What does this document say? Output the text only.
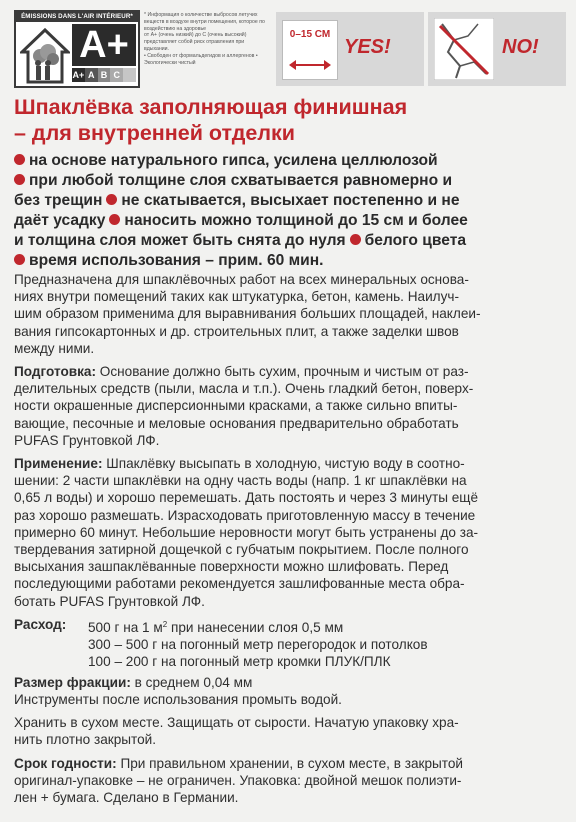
ÉMISSIONS DANS L'AIR INTÉRIEUR*
A+
A+ A B C

* Информация о количестве выбросов летучих веществ в воздухе внутри помещения, которое по воздействию на здоровье

от A+ (очень низкий) до C (очень высокий) представляет собой риск отравления при вдыхании.

• Свободен от формальдегидов и аллергенов • Экологически чистый

0–15 СМ
YES!	NO!
Шпаклёвка заполняющая финишная
– для внутренней отделки
на основе натурального гипса, усилена целлюлозой
при любой толщине слоя схватывается равномерно и
без трещин не скатывается, высыхает постепенно и не
даёт усадку наносить можно толщиной до 15 см и более
и толщина слоя может быть снята до нуля белого цвета
время использования – прим. 60 мин.

Предназначена для шпаклёвочных работ на всех минеральных основа-
ниях внутри помещений таких как штукатурка, бетон, камень. Наилуч-
шим образом применима для выравнивания больших площадей, наклеи-
вания гипсокартонных и др. строительных плит, а также заделки швов
между ними.

Подготовка: Основание должно быть сухим, прочным и чистым от раз-
делительных средств (пыли, масла и т.п.). Очень гладкий бетон, поверх-
ности окрашенные дисперсионными красками, а также сильно впиты-
вающие, песочные и меловые основания предварительно обработать
PUFAS Грунтовкой ЛФ.

Применение: Шпаклёвку высыпать в холодную, чистую воду в соотно-
шении: 2 части шпаклёвки на одну часть воды (напр. 1 кг шпаклёвки на
0,65 л воды) и хорошо перемешать. Дать постоять и через 3 минуты ещё
раз хорошо размешать. Израсходовать приготовленную массу в течение
примерно 60 минут. Небольшие неровности могут быть устранены до за-
твердевания затирной дощечкой с губчатым покрытием. После полного
высыхания зашпаклёванные поверхности можно шлифовать. Перед
последующими работами рекомендуется зашлифованные места обра-
ботать PUFAS Грунтовкой ЛФ.

Расход: 500 г на 1 $м^2$ при нанесении слоя 0,5 мм
300 – 500 г на погонный метр перегородок и потолков
100 – 200 г на погонный метр кромки ПЛУК/ПЛК

Размер фракции: в среднем 0,04 мм
Инструменты после использования промыть водой.

Хранить в сухом месте. Защищать от сырости. Начатую упаковку хра-
нить плотно закрытой.

Срок годности: При правильном хранении, в сухом месте, в закрытой
оригинал-упаковке – не ограничен. Упаковка: двойной мешок полиэти-
лен + бумага. Сделано в Германии.
